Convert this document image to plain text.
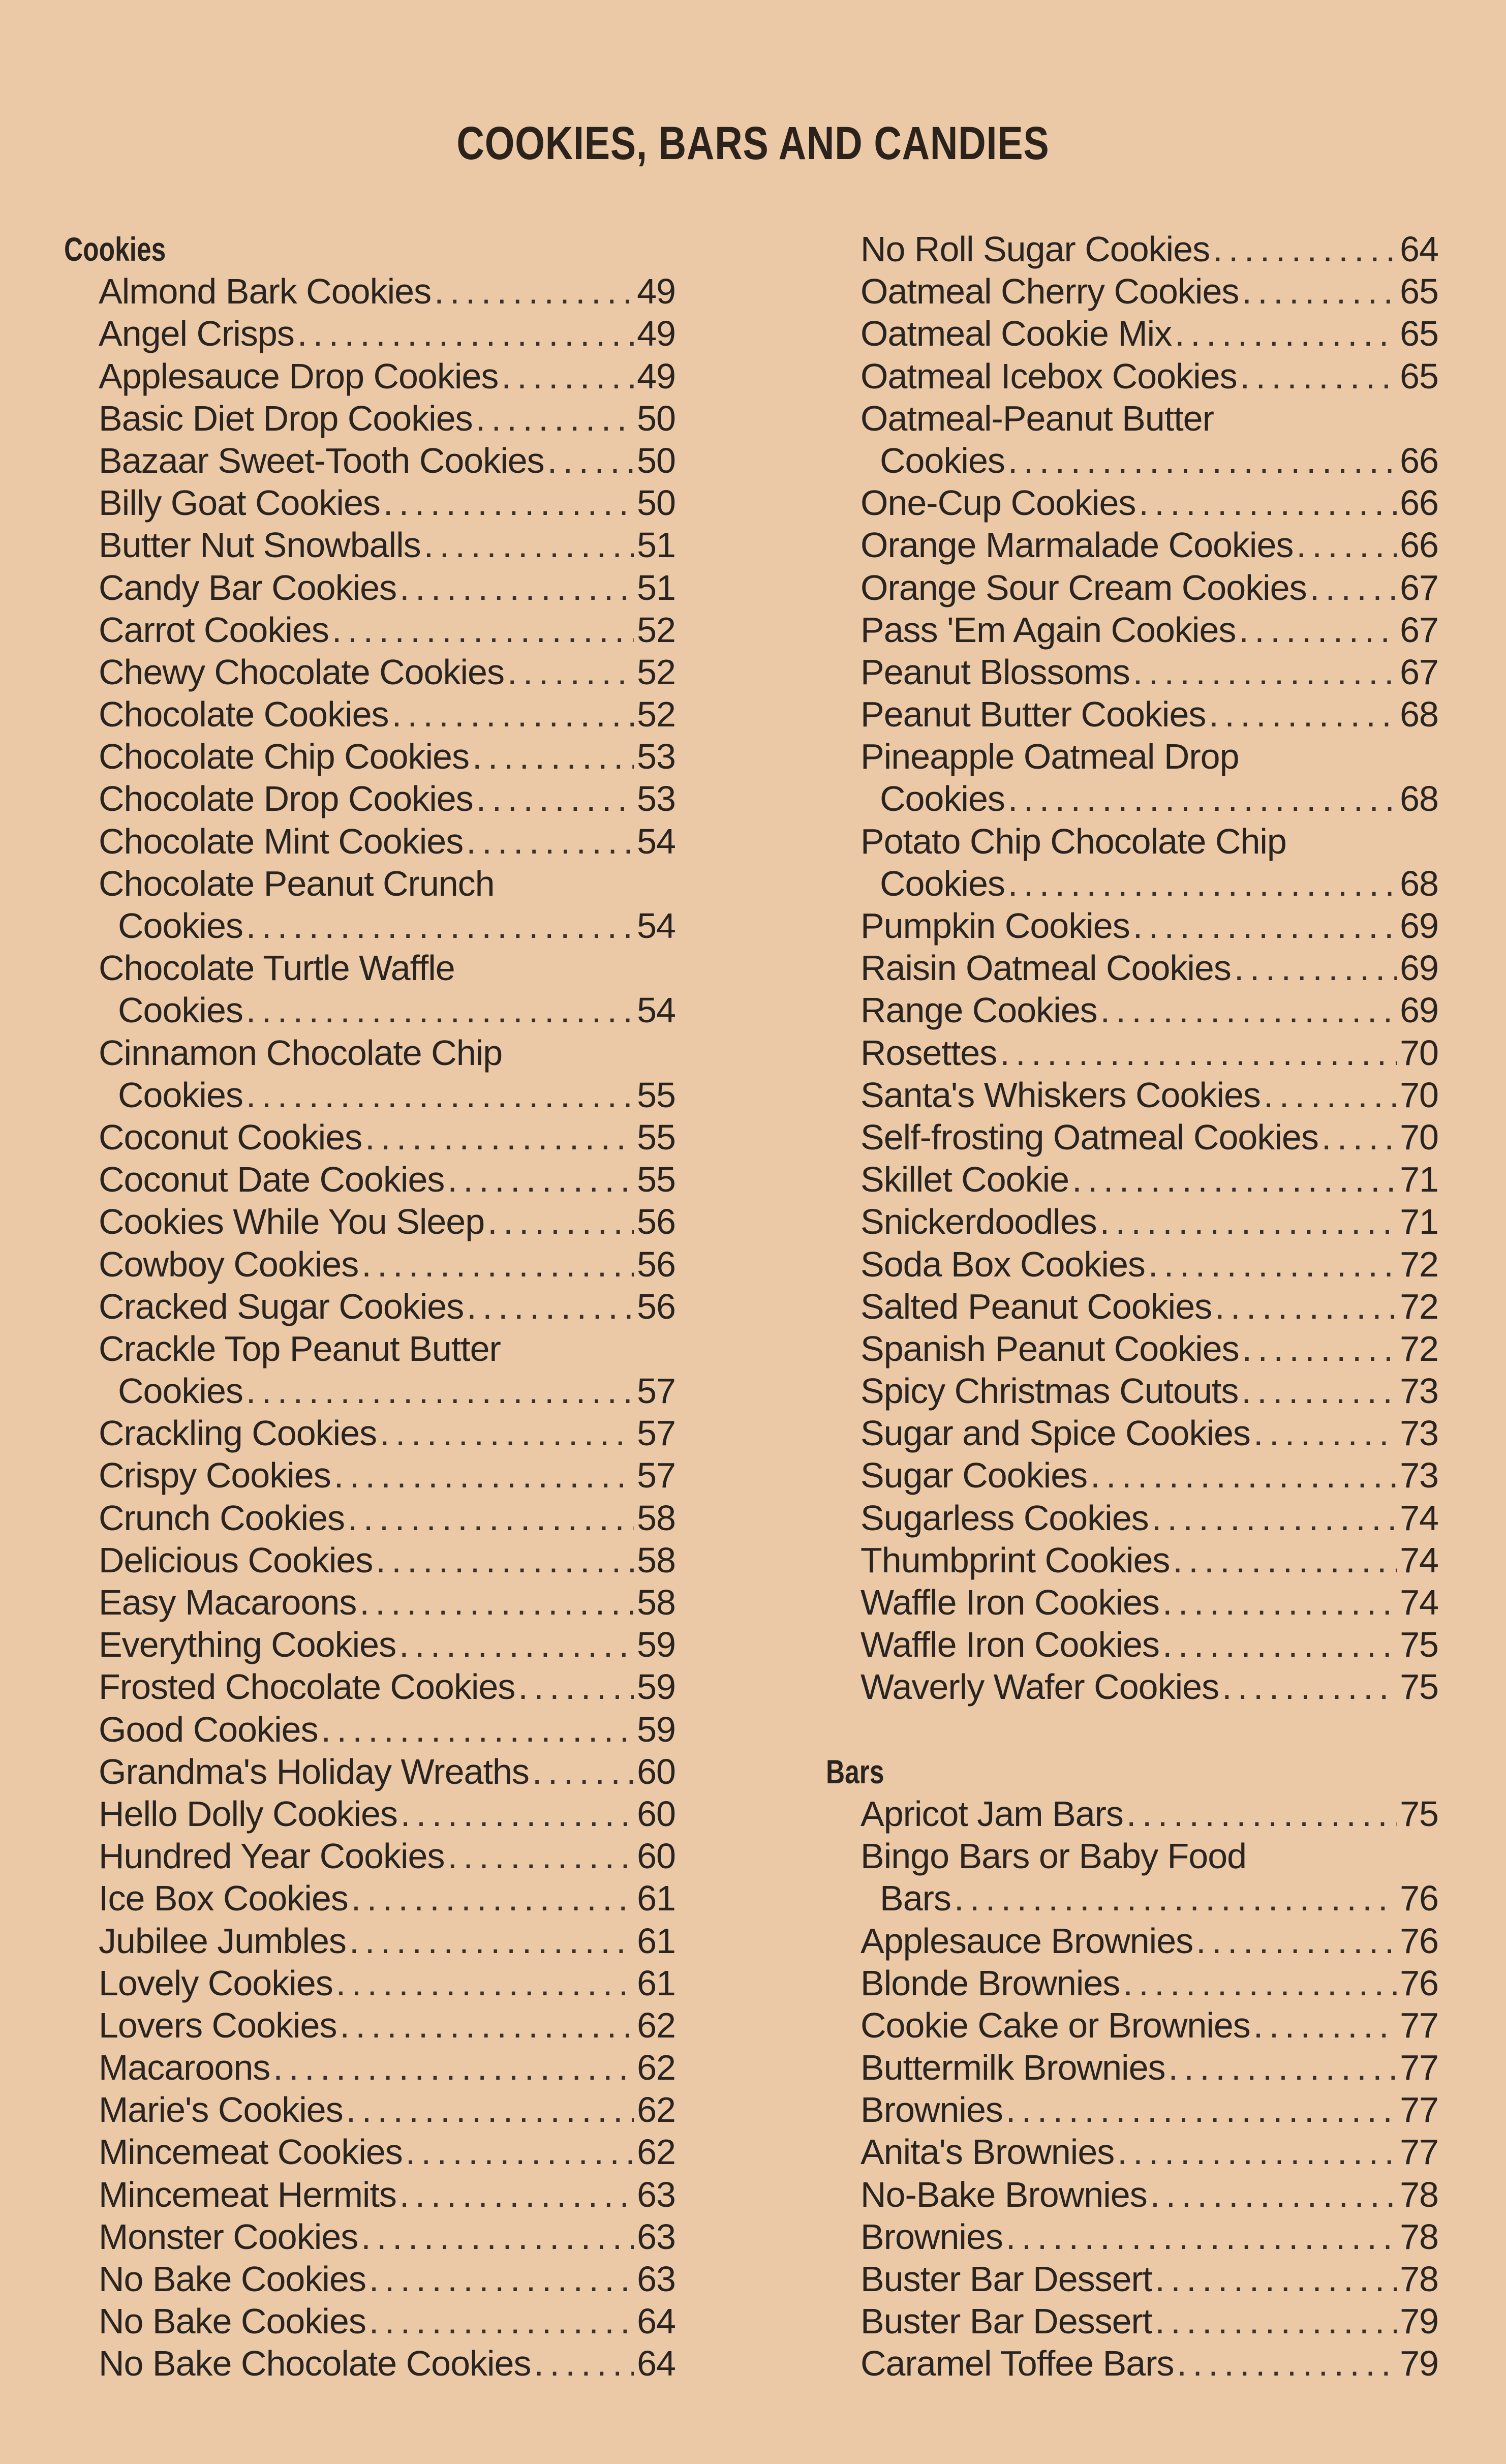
COOKIES, BARS AND CANDIES
Cookies
Almond Bark Cookies . . .	49
Angel Crisps . . .	49
Applesauce Drop Cookies . . .	49
Basic Diet Drop Cookies . . .	50
Bazaar Sweet-Tooth Cookies . . .	50
Billy Goat Cookies . . .	50
Butter Nut Snowballs . . .	51
Candy Bar Cookies . . .	51
Carrot Cookies . . .	52
Chewy Chocolate Cookies . . .	52
Chocolate Cookies . . .	52
Chocolate Chip Cookies . . .	53
Chocolate Drop Cookies . . .	53
Chocolate Mint Cookies . . .	54
Chocolate Peanut Crunch
Cookies . . .	54
Chocolate Turtle Waffle
Cookies . . .	54
Cinnamon Chocolate Chip
Cookies . . .	55
Coconut Cookies . . .	55
Coconut Date Cookies . . .	55
Cookies While You Sleep . . .	56
Cowboy Cookies . . .	56
Cracked Sugar Cookies . . .	56
Crackle Top Peanut Butter
Cookies . . .	57
Crackling Cookies . . .	57
Crispy Cookies . . .	57
Crunch Cookies . . .	58
Delicious Cookies . . .	58
Easy Macaroons . . .	58
Everything Cookies . . .	59
Frosted Chocolate Cookies . . .	59
Good Cookies . . .	59
Grandma's Holiday Wreaths . . .	60
Hello Dolly Cookies . . .	60
Hundred Year Cookies . . .	60
Ice Box Cookies . . .	61
Jubilee Jumbles . . .	61
Lovely Cookies . . .	61
Lovers Cookies . . .	62
Macaroons . . .	62
Marie's Cookies . . .	62
Mincemeat Cookies . . .	62
Mincemeat Hermits . . .	63
Monster Cookies . . .	63
No Bake Cookies . . .	63
No Bake Cookies . . .	64
No Bake Chocolate Cookies . . .	64
No Roll Sugar Cookies . . .	64
Oatmeal Cherry Cookies . . .	65
Oatmeal Cookie Mix . . .	65
Oatmeal Icebox Cookies . . .	65
Oatmeal-Peanut Butter
Cookies . . .	66
One-Cup Cookies . . .	66
Orange Marmalade Cookies . . .	66
Orange Sour Cream Cookies . . .	67
Pass 'Em Again Cookies . . .	67
Peanut Blossoms . . .	67
Peanut Butter Cookies . . .	68
Pineapple Oatmeal Drop
Cookies . . .	68
Potato Chip Chocolate Chip
Cookies . . .	68
Pumpkin Cookies . . .	69
Raisin Oatmeal Cookies . . .	69
Range Cookies . . .	69
Rosettes . . .	70
Santa's Whiskers Cookies . . .	70
Self-frosting Oatmeal Cookies . . . 70
Skillet Cookie . . .	71
Snickerdoodles . . .	71
Soda Box Cookies . . .	72
Salted Peanut Cookies . . .	72
Spanish Peanut Cookies . . .	72
Spicy Christmas Cutouts . . .	73
Sugar and Spice Cookies . . .	73
Sugar Cookies . . .	73
Sugarless Cookies . . .	74
Thumbprint Cookies . . .	74
Waffle Iron Cookies . . .	74
Waffle Iron Cookies . . .	75
Waverly Wafer Cookies . . .	75
Bars
Apricot Jam Bars . . .	75
Bingo Bars or Baby Food
Bars . . .	76
Applesauce Brownies . . .	76
Blonde Brownies . . .	76
Cookie Cake or Brownies . . .	77
Buttermilk Brownies . . .	77
Brownies . . .	77
Anita's Brownies . . .	77
No-Bake Brownies . . .	78
Brownies . . .	78
Buster Bar Dessert . . .	78
Buster Bar Dessert . . .	79
Caramel Toffee Bars . . .	79
